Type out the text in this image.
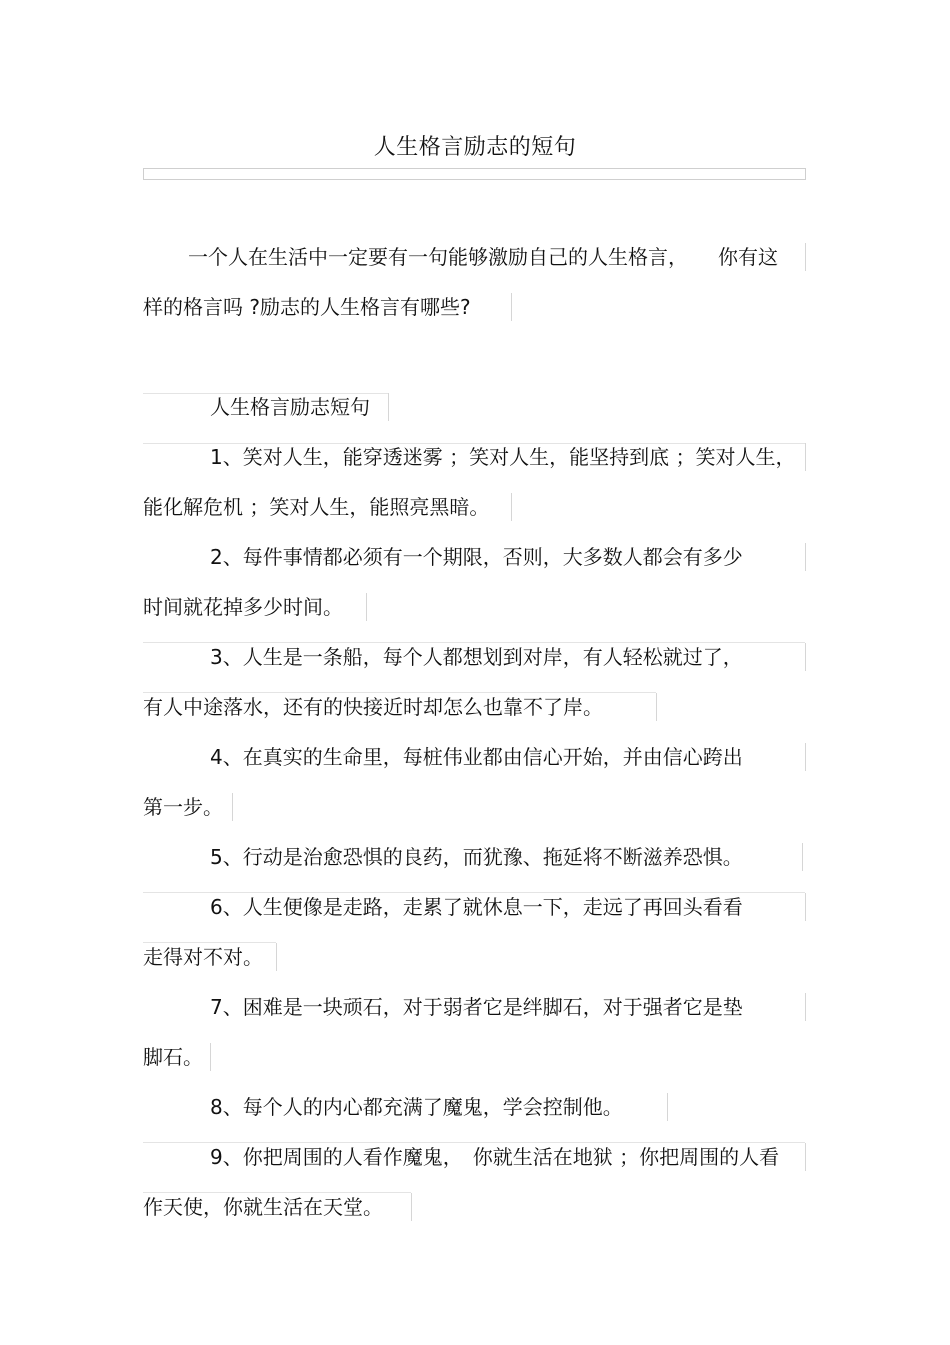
人生格言励志的短句
一个人在生活中一定要有一句能够激励自己的人生格言，　　你有这
样的格言吗 ?励志的人生格言有哪些?
人生格言励志短句
1、笑对人生，能穿透迷雾 ；笑对人生，能坚持到底 ；笑对人生，
能化解危机 ；笑对人生，能照亮黑暗。
2、每件事情都必须有一个期限，否则，大多数人都会有多少
时间就花掉多少时间。
3、人生是一条船，每个人都想划到对岸，有人轻松就过了，
有人中途落水，还有的快接近时却怎么也靠不了岸。
4、在真实的生命里，每桩伟业都由信心开始，并由信心跨出
第一步。
5、行动是治愈恐惧的良药，而犹豫、拖延将不断滋养恐惧。
6、人生便像是走路，走累了就休息一下，走远了再回头看看
走得对不对。
7、困难是一块顽石，对于弱者它是绊脚石，对于强者它是垫
脚石。
8、每个人的内心都充满了魔鬼，学会控制他。
9、你把周围的人看作魔鬼，　你就生活在地狱 ；你把周围的人看
作天使，你就生活在天堂。
